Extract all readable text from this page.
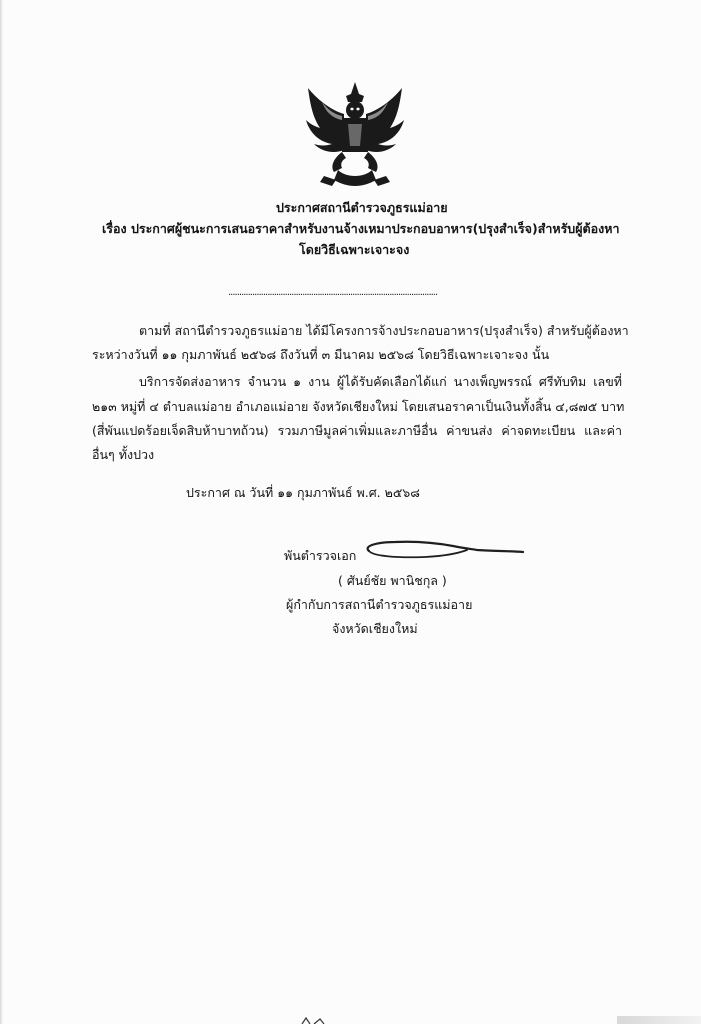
ประกาศสถานีตำรวจภูธรแม่อาย
เรื่อง ประกาศผู้ชนะการเสนอราคาสำหรับงานจ้างเหมาประกอบอาหาร(ปรุงสำเร็จ)สำหรับผู้ต้องหา
โดยวิธีเฉพาะเจาะจง
................................................................................................
ตามที่ สถานีตำรวจภูธรแม่อาย ได้มีโครงการจ้างประกอบอาหาร(ปรุงสำเร็จ) สำหรับผู้ต้องหา
ระหว่างวันที่ ๑๑ กุมภาพันธ์ ๒๕๖๘ ถึงวันที่ ๓ มีนาคม ๒๕๖๘ โดยวิธีเฉพาะเจาะจง นั้น
บริการจัดส่งอาหาร จำนวน ๑ งาน ผู้ได้รับคัดเลือกได้แก่ นางเพ็ญพรรณ์ ศรีทับทิม เลขที่
๒๑๓ หมู่ที่ ๔ ตำบลแม่อาย อำเภอแม่อาย จังหวัดเชียงใหม่ โดยเสนอราคาเป็นเงินทั้งสิ้น ๔,๘๗๕ บาท
(สี่พันแปดร้อยเจ็ดสิบห้าบาทถ้วน) รวมภาษีมูลค่าเพิ่มและภาษีอื่น ค่าขนส่ง ค่าจดทะเบียน และค่า
อื่นๆ ทั้งปวง
ประกาศ ณ วันที่ ๑๑ กุมภาพันธ์ พ.ศ. ๒๕๖๘
พันตำรวจเอก
( ศันย์ชัย พานิชกุล )
ผู้กำกับการสถานีตำรวจภูธรแม่อาย
จังหวัดเชียงใหม่
